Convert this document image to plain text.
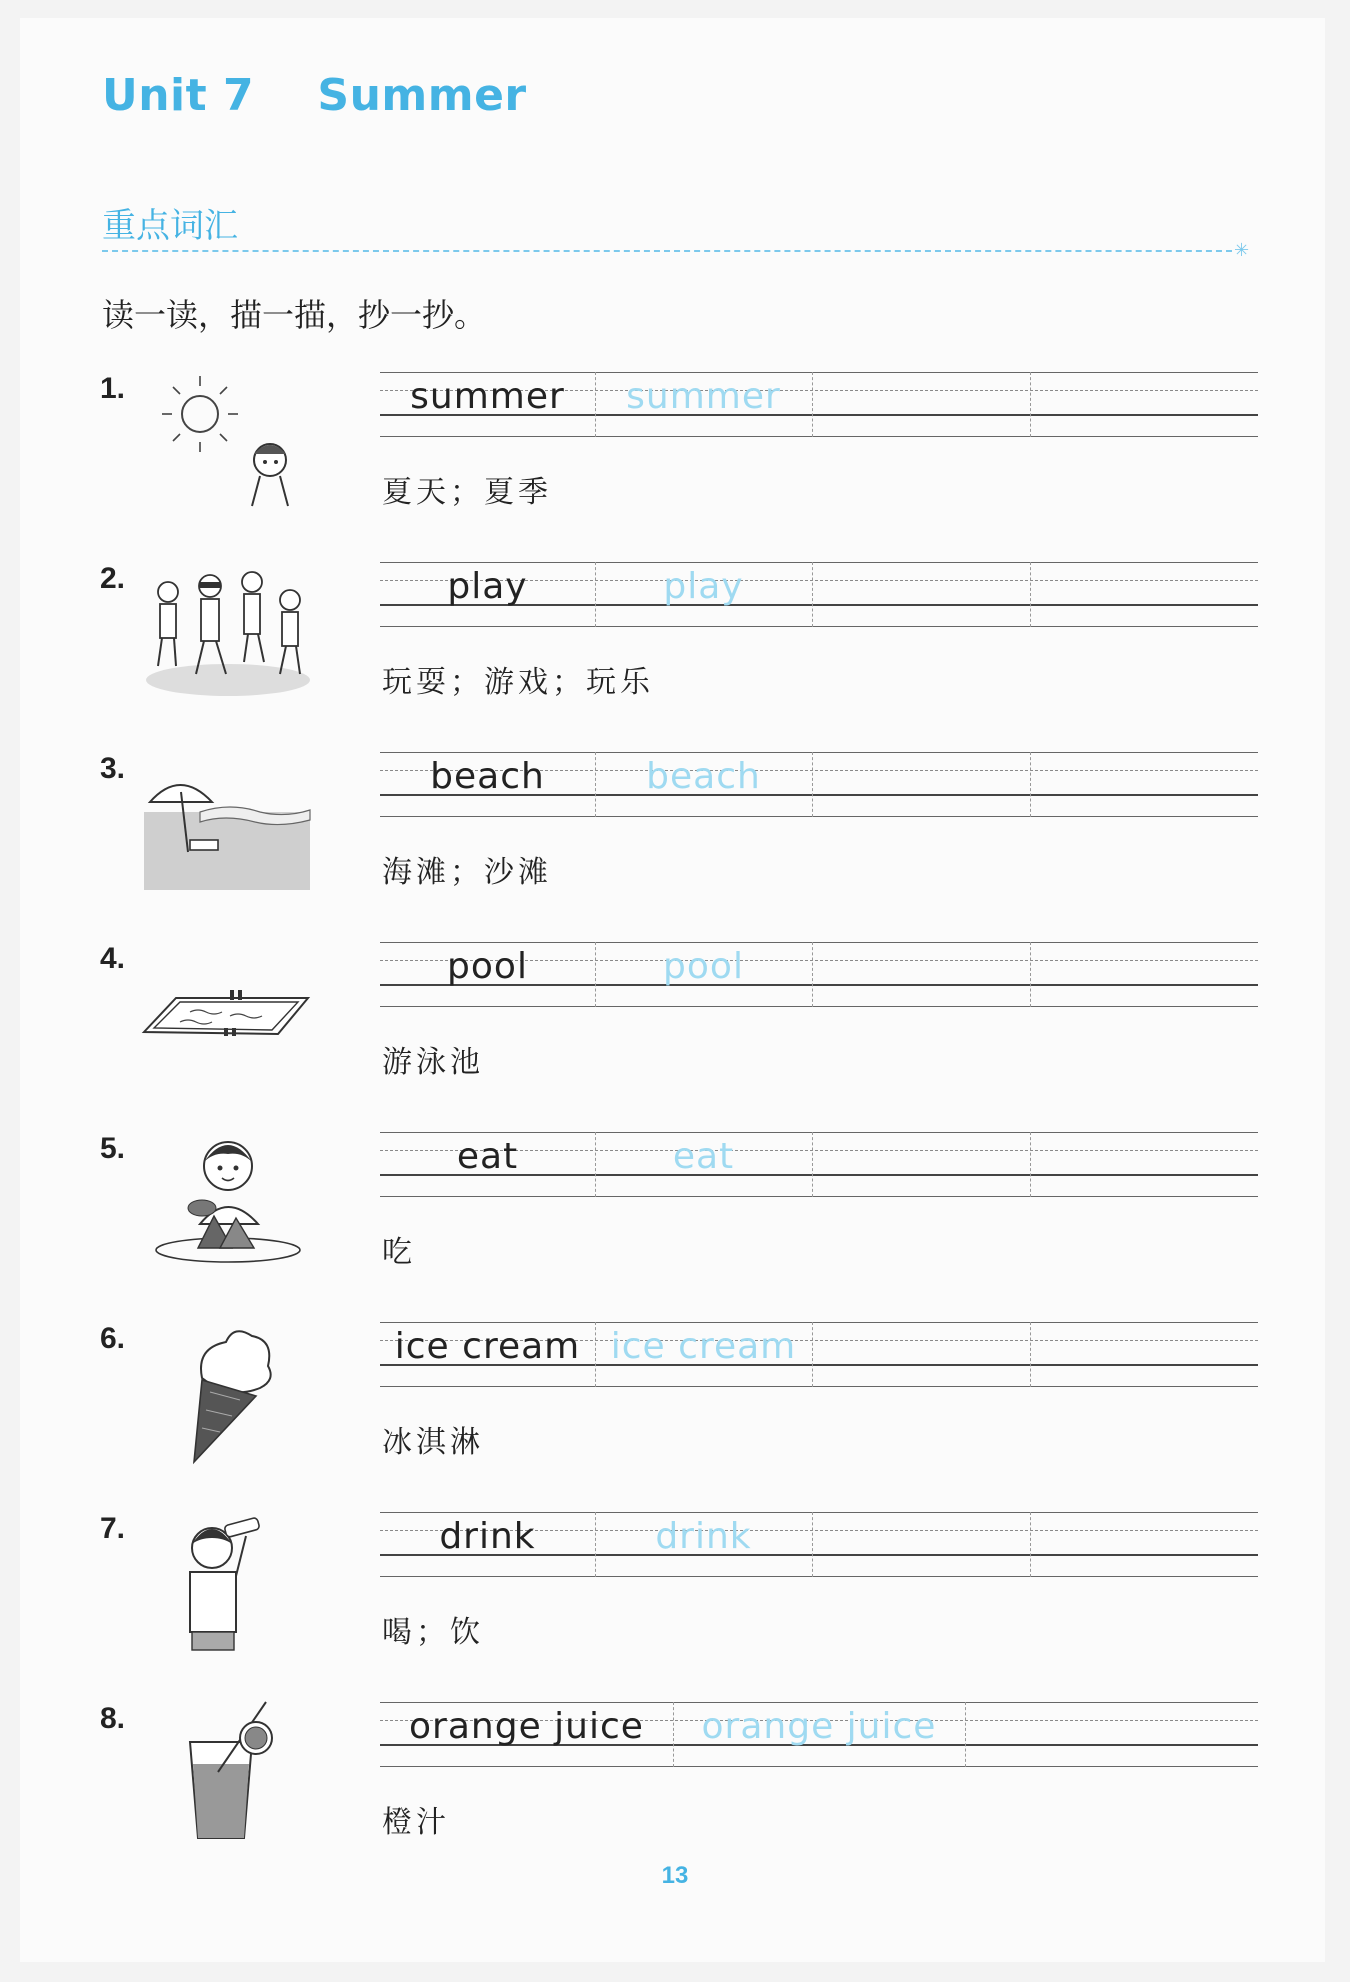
Unit 7    Summer
重点词汇
✳
读一读，描一描，抄一抄。
1.	summer	summer
夏天；夏季
2.	play	play
玩耍；游戏；玩乐
3.	beach	beach
海滩；沙滩
4.	pool	pool
游泳池
5.	eat	eat
吃
6.	ice cream ice cream
冰淇淋
7.	drink	drink
喝；饮
8.	orange juice	orange juice
橙汁
13
